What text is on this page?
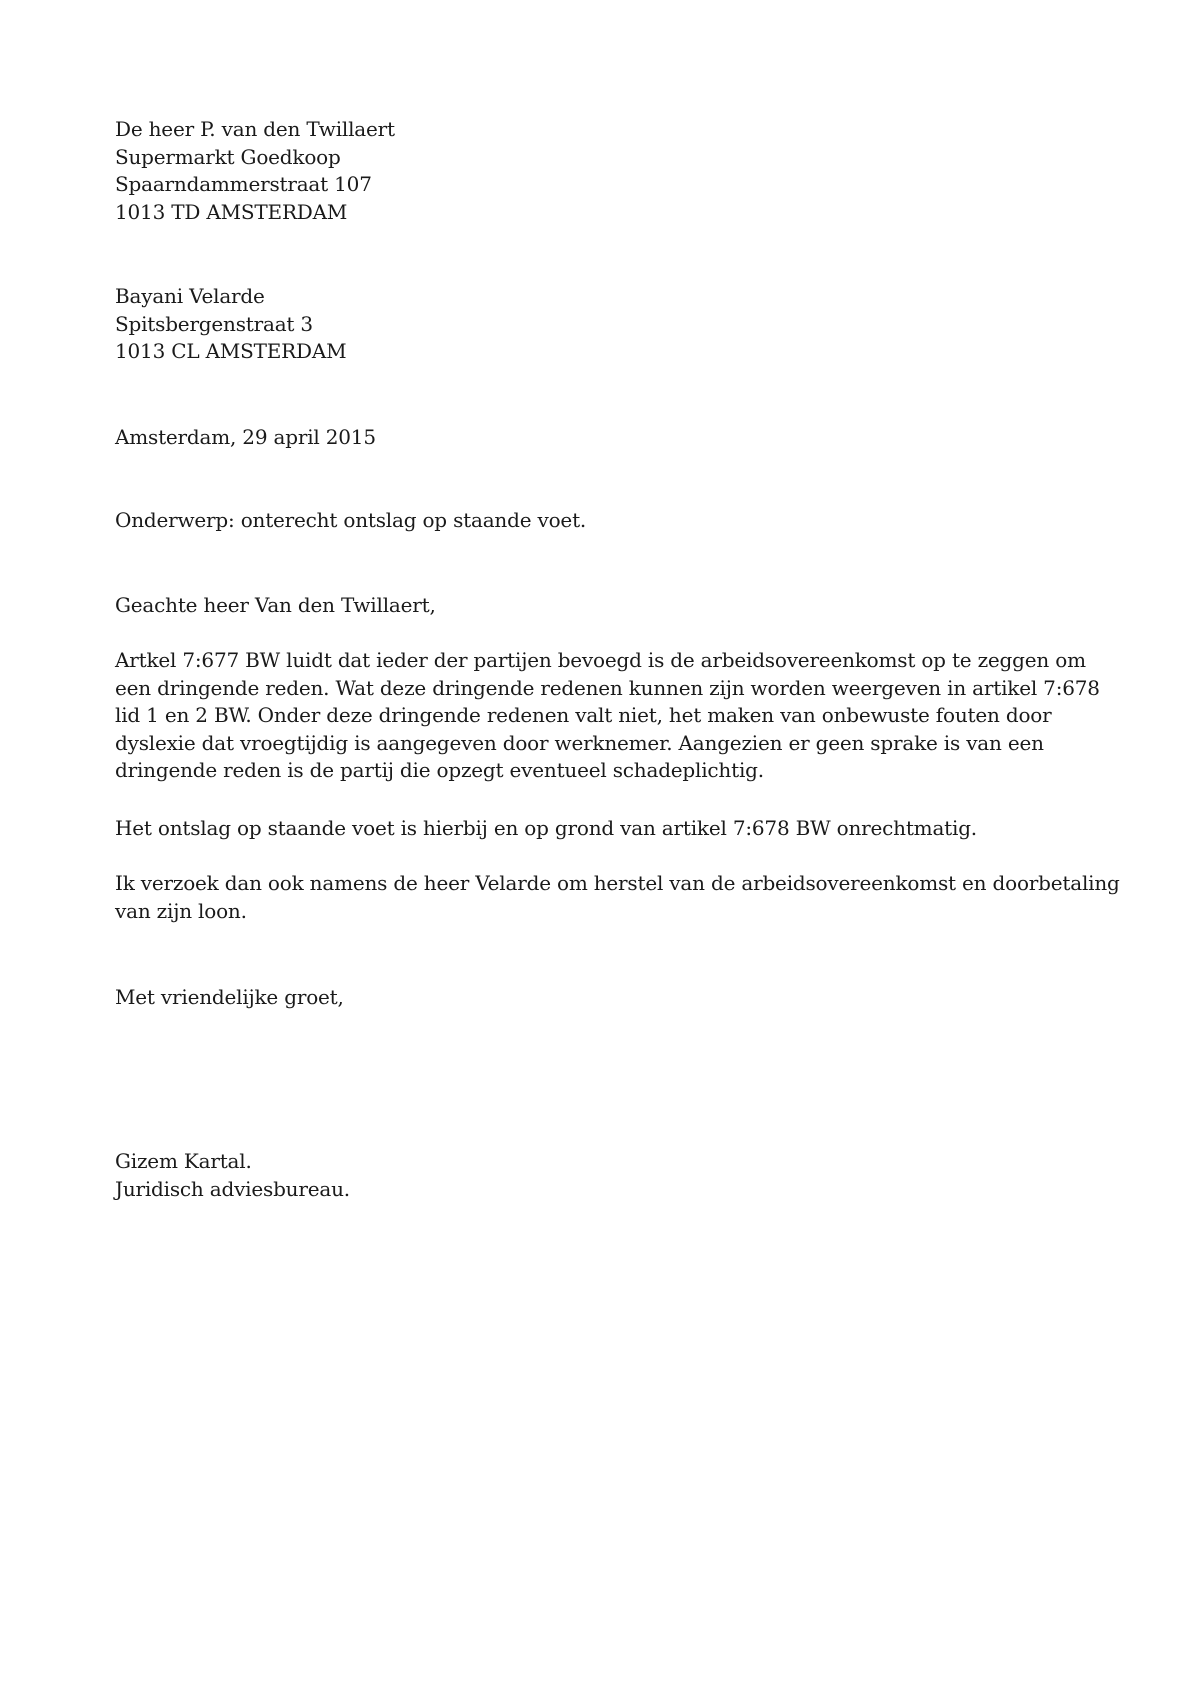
De heer P. van den Twillaert
Supermarkt Goedkoop
Spaarndammerstraat 107
1013 TD AMSTERDAM
Bayani Velarde
Spitsbergenstraat 3
1013 CL AMSTERDAM
Amsterdam, 29 april 2015
Onderwerp: onterecht ontslag op staande voet.
Geachte heer Van den Twillaert,
Artkel 7:677 BW luidt dat ieder der partijen bevoegd is de arbeidsovereenkomst op te zeggen om
een dringende reden. Wat deze dringende redenen kunnen zijn worden weergeven in artikel 7:678
lid 1 en 2 BW. Onder deze dringende redenen valt niet, het maken van onbewuste fouten door
dyslexie dat vroegtijdig is aangegeven door werknemer. Aangezien er geen sprake is van een
dringende reden is de partij die opzegt eventueel schadeplichtig.
Het ontslag op staande voet is hierbij en op grond van artikel 7:678 BW onrechtmatig.
Ik verzoek dan ook namens de heer Velarde om herstel van de arbeidsovereenkomst en doorbetaling
van zijn loon.
Met vriendelijke groet,
Gizem Kartal.
Juridisch adviesbureau.
